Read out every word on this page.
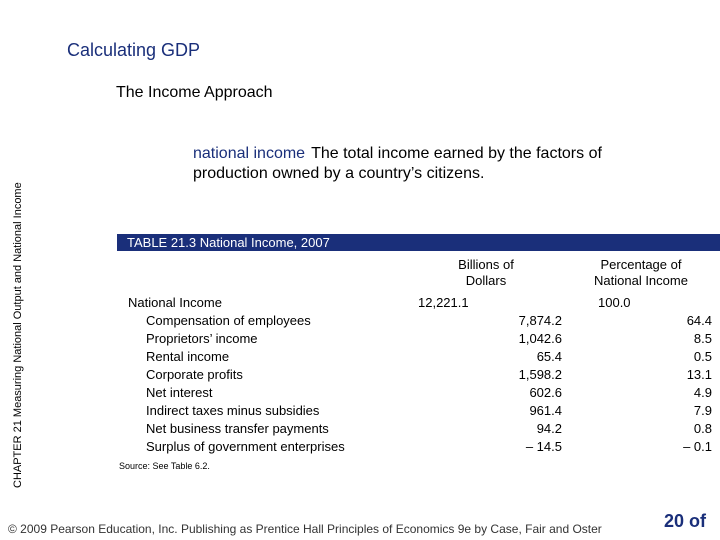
Calculating GDP
The Income Approach
CHAPTER 21 Measuring National Output and National Income
national income The total income earned by the factors of production owned by a country’s citizens.
TABLE 21.3 National Income, 2007
Billions of Dollars
Percentage of National Income
National Income
Compensation of employees
Proprietors’ income
Rental income
Corporate profits
Net interest
Indirect taxes minus subsidies
Net business transfer payments
Surplus of government enterprises
12,221.1
7,874.2
1,042.6
65.4
1,598.2
602.6
961.4
94.2
– 14.5
100.0
64.4
8.5
0.5
13.1
4.9
7.9
0.8
– 0.1
Source: See Table 6.2.
© 2009 Pearson Education, Inc. Publishing as Prentice Hall Principles of Economics 9e by Case, Fair and Oster	20 of
